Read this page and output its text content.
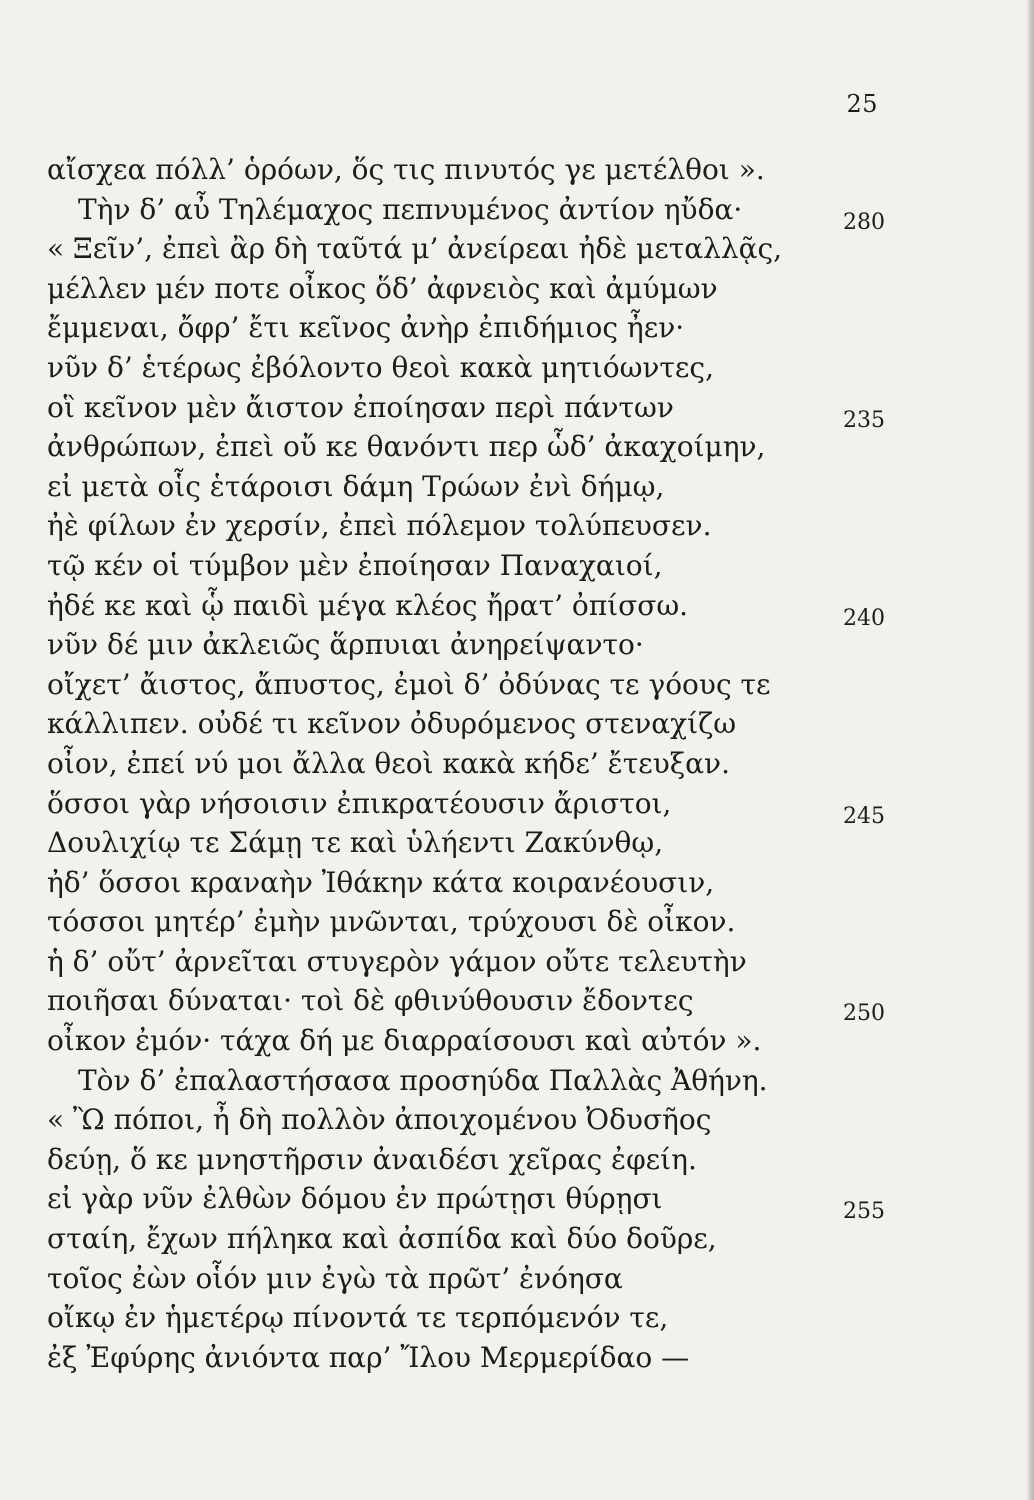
25
αἴσχεα πόλλ’ ὁρόων, ὅς τις πινυτός γε μετέλθοι ».
Τὴν δ’ αὖ Τηλέμαχος πεπνυμένος ἀντίον ηὔδα·	280
« Ξεῖν’, ἐπεὶ ἂρ δὴ ταῦτά μ’ ἀνείρεαι ἠδὲ μεταλλᾷς,
μέλλεν μέν ποτε οἶκος ὅδ’ ἀφνειὸς καὶ ἀμύμων
ἔμμεναι, ὄφρ’ ἔτι κεῖνος ἀνὴρ ἐπιδήμιος ἦεν·
νῦν δ’ ἑτέρως ἐβόλοντο θεοὶ κακὰ μητιόωντες,
οἳ κεῖνον μὲν ἄιστον ἐποίησαν περὶ πάντων	235
ἀνθρώπων, ἐπεὶ οὔ κε θανόντι περ ὧδ’ ἀκαχοίμην,
εἰ μετὰ οἷς ἑτάροισι δάμη Τρώων ἐνὶ δήμῳ,
ἠὲ φίλων ἐν χερσίν, ἐπεὶ πόλεμον τολύπευσεν.
τῷ κέν οἱ τύμβον μὲν ἐποίησαν Παναχαιοί,
ἠδέ κε καὶ ᾧ παιδὶ μέγα κλέος ἤρατ’ ὀπίσσω.	240
νῦν δέ μιν ἀκλειῶς ἅρπυιαι ἀνηρείψαντο·
οἴχετ’ ἄιστος, ἄπυστος, ἐμοὶ δ’ ὀδύνας τε γόους τε
κάλλιπεν. οὐδέ τι κεῖνον ὀδυρόμενος στεναχίζω
οἶον, ἐπεί νύ μοι ἄλλα θεοὶ κακὰ κήδε’ ἔτευξαν.
ὅσσοι γὰρ νήσοισιν ἐπικρατέουσιν ἄριστοι,	245
Δουλιχίῳ τε Σάμῃ τε καὶ ὑλήεντι Ζακύνθῳ,
ἠδ’ ὅσσοι κραναὴν Ἰθάκην κάτα κοιρανέουσιν,
τόσσοι μητέρ’ ἐμὴν μνῶνται, τρύχουσι δὲ οἶκον.
ἡ δ’ οὔτ’ ἀρνεῖται στυγερὸν γάμον οὔτε τελευτὴν
ποιῆσαι δύναται· τοὶ δὲ φθινύθουσιν ἔδοντες	250
οἶκον ἐμόν· τάχα δή με διαρραίσουσι καὶ αὐτόν ».
Τὸν δ’ ἐπαλαστήσασα προσηύδα Παλλὰς Ἀθήνη.
« Ὢ πόποι, ἦ δὴ πολλὸν ἀποιχομένου Ὀδυσῆος
δεύῃ, ὅ κε μνηστῆρσιν ἀναιδέσι χεῖρας ἐφείη.
εἰ γὰρ νῦν ἐλθὼν δόμου ἐν πρώτῃσι θύρῃσι	255
σταίη, ἔχων πήληκα καὶ ἀσπίδα καὶ δύο δοῦρε,
τοῖος ἐὼν οἷόν μιν ἐγὼ τὰ πρῶτ’ ἐνόησα
οἴκῳ ἐν ἡμετέρῳ πίνοντά τε τερπόμενόν τε,
ἐξ Ἐφύρης ἀνιόντα παρ’ Ἴλου Μερμερίδαο —
